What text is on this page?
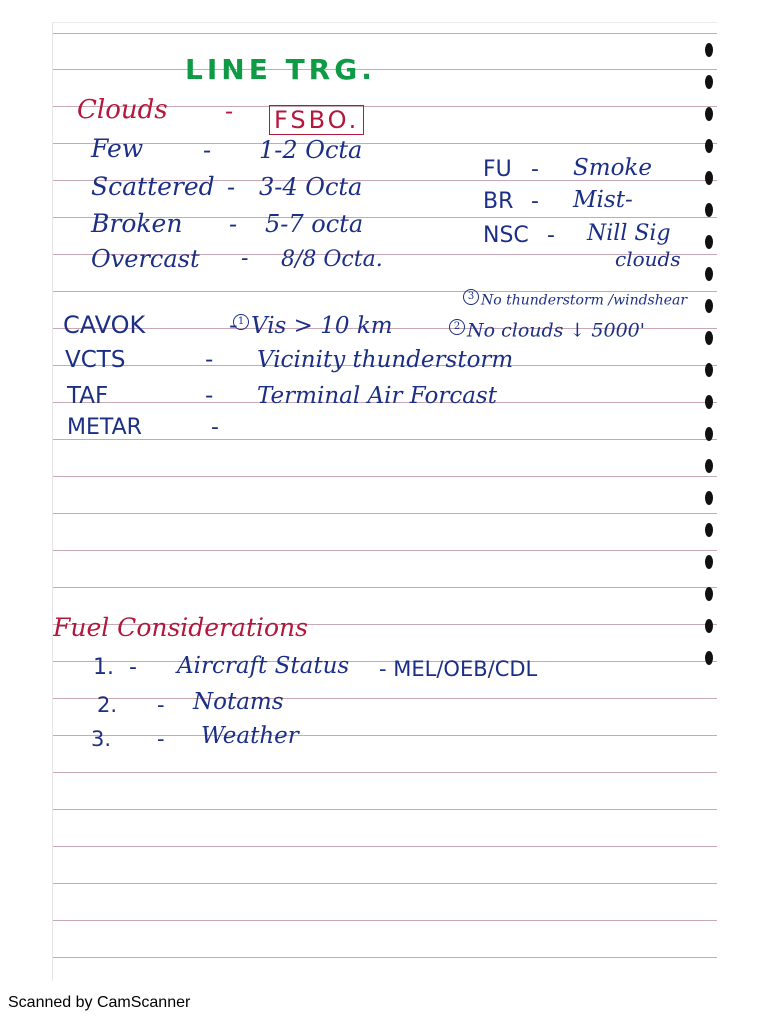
LINE TRG.
Clouds - FSBO.
Few - 1-2 Octa
Scattered - 3-4 Octa
Broken - 5-7 octa
Overcast - 8/8 Octa.
FU - Smoke
BR - Mist-
NSC - Nill Sig
clouds
CAVOK	- 1 Vis > 10 km	2 No clouds ↓ 5000'
3 No thunderstorm /windshear
VCTS	- Vicinity thunderstorm
TAF	- Terminal Air Forcast
METAR	-
Fuel Considerations
1. - Aircraft Status - MEL/OEB/CDL
2. - Notams
3. - Weather
Scanned by CamScanner
